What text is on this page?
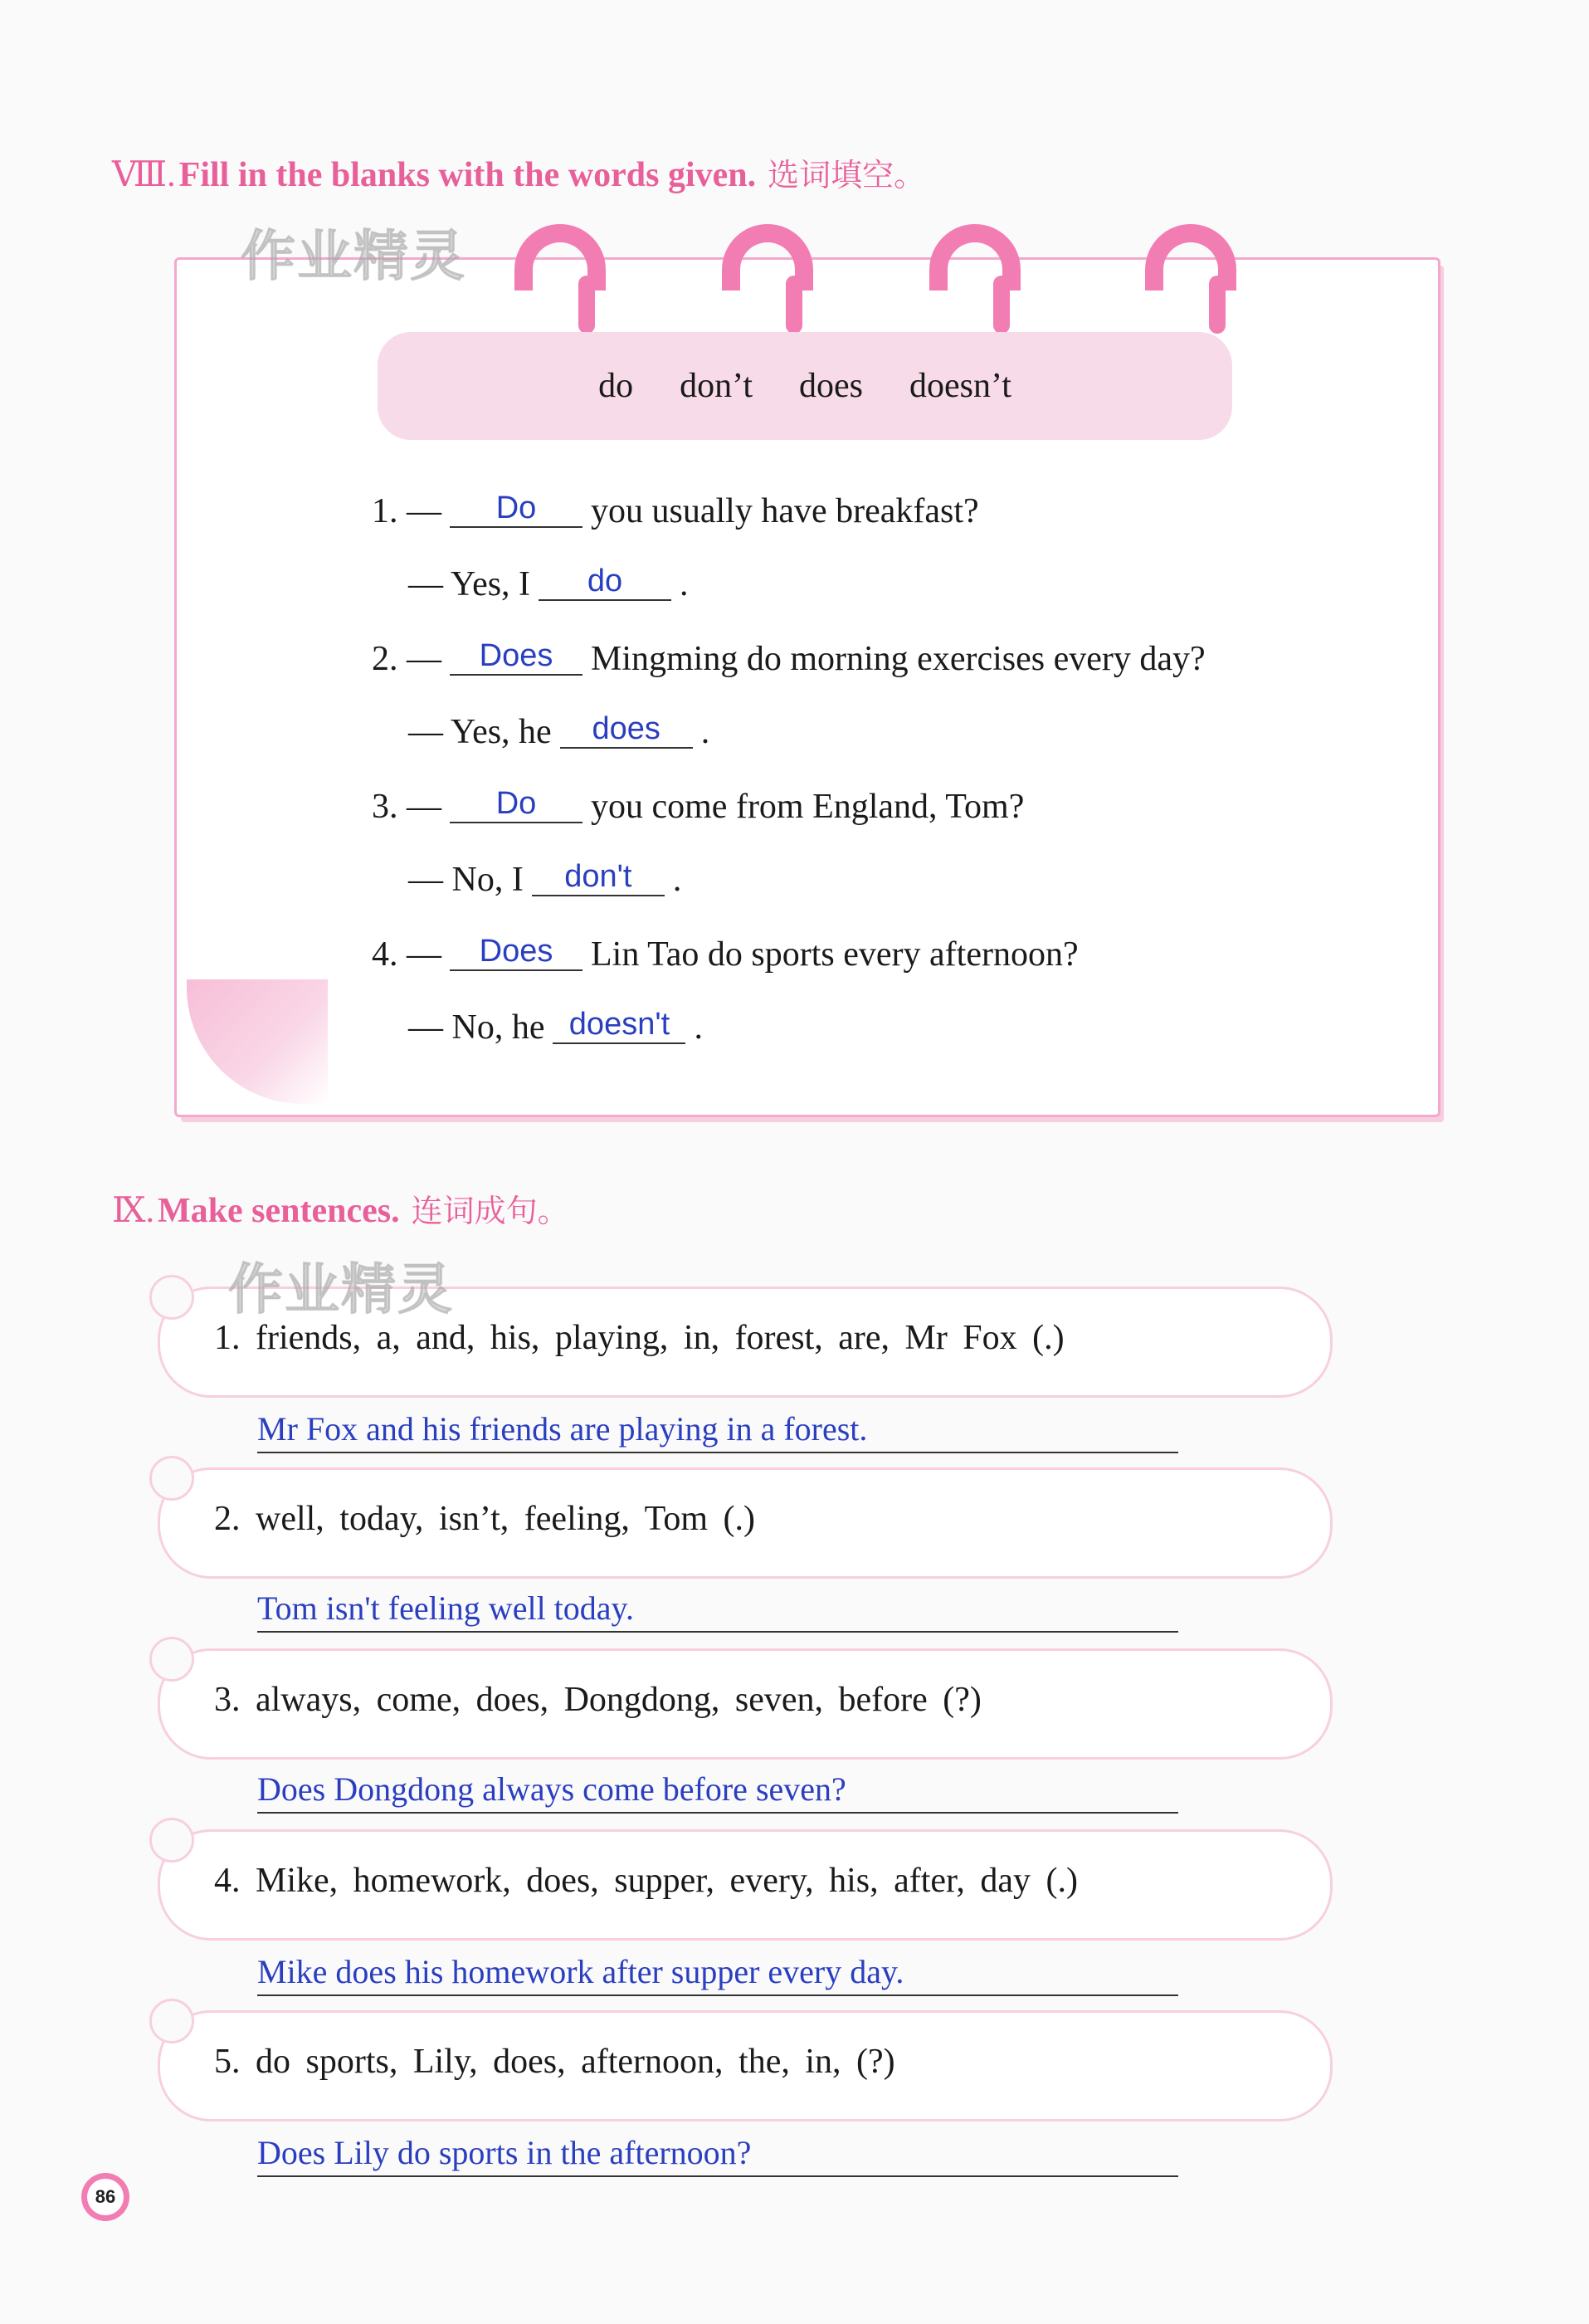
Ⅷ.Fill in the blanks with the words given. 选词填空。
作业精灵
do don’t does doesn’t
1.
—	Do	you usually have breakfast?
— Yes, I	do	.
2.
—	Does	Mingming do morning exercises every day?
— Yes, he	does	.
3.
—	Do	you come from England, Tom?
— No, I	don't	.
4.
—	Does	Lin Tao do sports every afternoon?
— No, he doesn't .
Ⅸ.Make sentences. 连词成句。
作业精灵
1. friends, a, and, his, playing, in, forest, are, Mr Fox (.)
Mr Fox and his friends are playing in a forest.
2. well, today, isn’t, feeling, Tom (.)
Tom isn't feeling well today.
3. always, come, does, Dongdong, seven, before (?)
Does Dongdong always come before seven?
4. Mike, homework, does, supper, every, his, after, day (.)
Mike does his homework after supper every day.
5. do sports, Lily, does, afternoon, the, in, (?)
Does Lily do sports in the afternoon?
86
